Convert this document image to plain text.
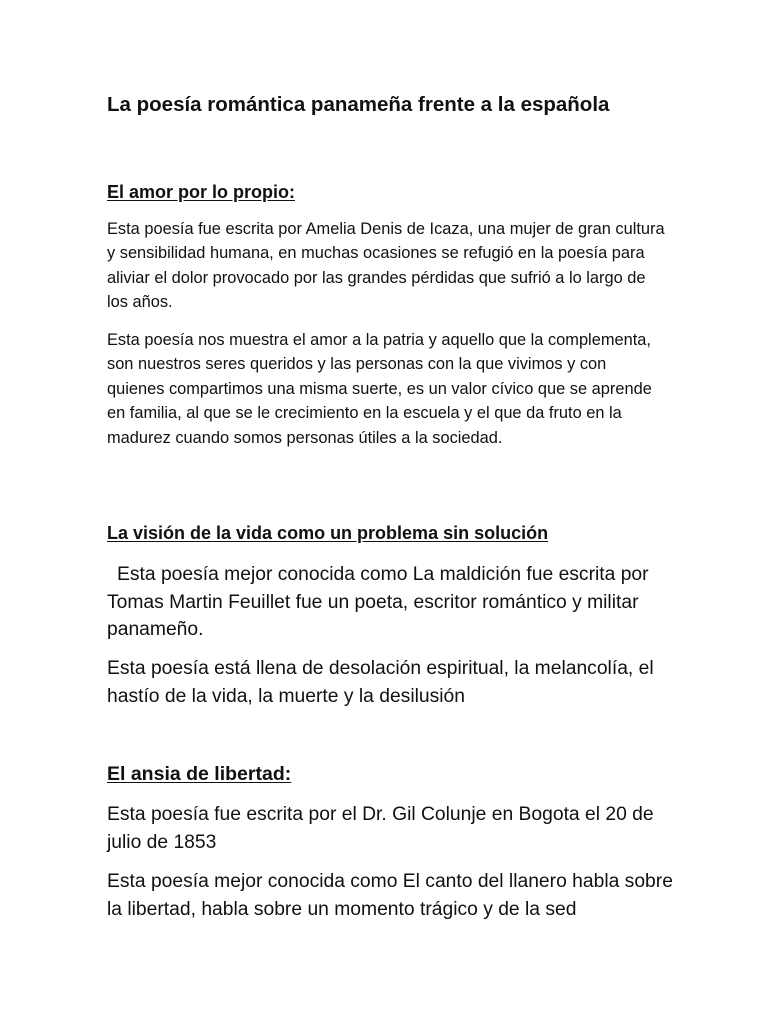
La poesía romántica panameña frente a la española
El amor por lo propio:

Esta poesía fue escrita por Amelia Denis de Icaza, una mujer de gran cultura y sensibilidad humana, en muchas ocasiones se refugió en la poesía para aliviar el dolor provocado por las grandes pérdidas que sufrió a lo largo de los años.

Esta poesía nos muestra el amor a la patria y aquello que la complementa, son nuestros seres queridos y las personas con la que vivimos y con quienes compartimos una misma suerte, es un valor cívico que se aprende en familia, al que se le crecimiento en la escuela y el que da fruto en la madurez cuando somos personas útiles a la sociedad.

La visión de la vida como un problema sin solución

Esta poesía mejor conocida como La maldición fue escrita por Tomas Martin Feuillet fue un poeta, escritor romántico y militar panameño.

Esta poesía está llena de desolación espiritual, la melancolía, el hastío de la vida, la muerte y la desilusión

El ansia de libertad:

Esta poesía fue escrita por el Dr. Gil Colunje en Bogota el 20 de julio de 1853

Esta poesía mejor conocida como El canto del llanero habla sobre la libertad, habla sobre un momento trágico y de la sed
